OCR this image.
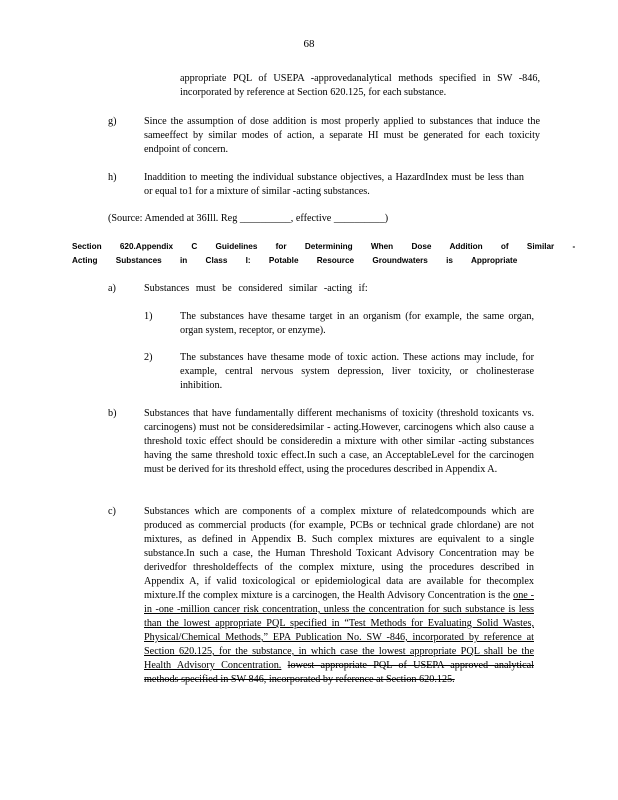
68
appropriate PQL of USEPA -approvedanalytical methods specified in SW -846, incorporated by reference at Section 620.125, for each substance.
g)	Since the assumption of dose addition is most properly applied to substances that induce the sameeffect by similar modes of action, a separate HI must be generated for each toxicity endpoint of concern.
h)	Inaddition to meeting the individual substance objectives, a HazardIndex must be less than or equal to1 for a mixture of similar -acting substances.
(Source: Amended at 36Ill. Reg __________, effective __________)
Section 620.Appendix C Guidelines for Determining When Dose Addition of Similar -
Acting Substances in Class I: Potable Resource Groundwaters is Appropriate
a)	Substances must be considered similar -acting if:
1)	The substances have thesame target in an organism (for example, the same organ, organ system, receptor, or enzyme).
2)	The substances have thesame mode of toxic action. These actions may include, for example, central nervous system depression, liver toxicity, or cholinesterase inhibition.
b)	Substances that have fundamentally different mechanisms of toxicity (threshold toxicants vs. carcinogens) must not be consideredsimilar - acting.However, carcinogens which also cause a threshold toxic effect should be consideredin a mixture with other similar -acting substances having the same threshold toxic effect.In such a case, an AcceptableLevel for the carcinogen must be derived for its threshold effect, using the procedures described in Appendix A.
c)	Substances which are components of a complex mixture of relatedcompounds which are produced as commercial products (for example, PCBs or technical grade chlordane) are not mixtures, as defined in Appendix B. Such complex mixtures are equivalent to a single substance.In such a case, the Human Threshold Toxicant Advisory Concentration may be derivedfor thresholdeffects of the complex mixture, using the procedures described in Appendix A, if valid toxicological or epidemiological data are available for thecomplex mixture.If the complex mixture is a carcinogen, the Health Advisory Concentration is the one -in -one -million cancer risk concentration, unless the concentration for such substance is less than the lowest appropriate PQL specified in “Test Methods for Evaluating Solid Wastes, Physical/Chemical Methods,” EPA Publication No. SW -846, incorporated by reference at Section 620.125, for the substance, in which case the lowest appropriate PQL shall be the Health Advisory Concentration. lowest appropriate PQL of USEPA approved analytical methods specified in SW 846, incorporated by reference at Section 620.125.
